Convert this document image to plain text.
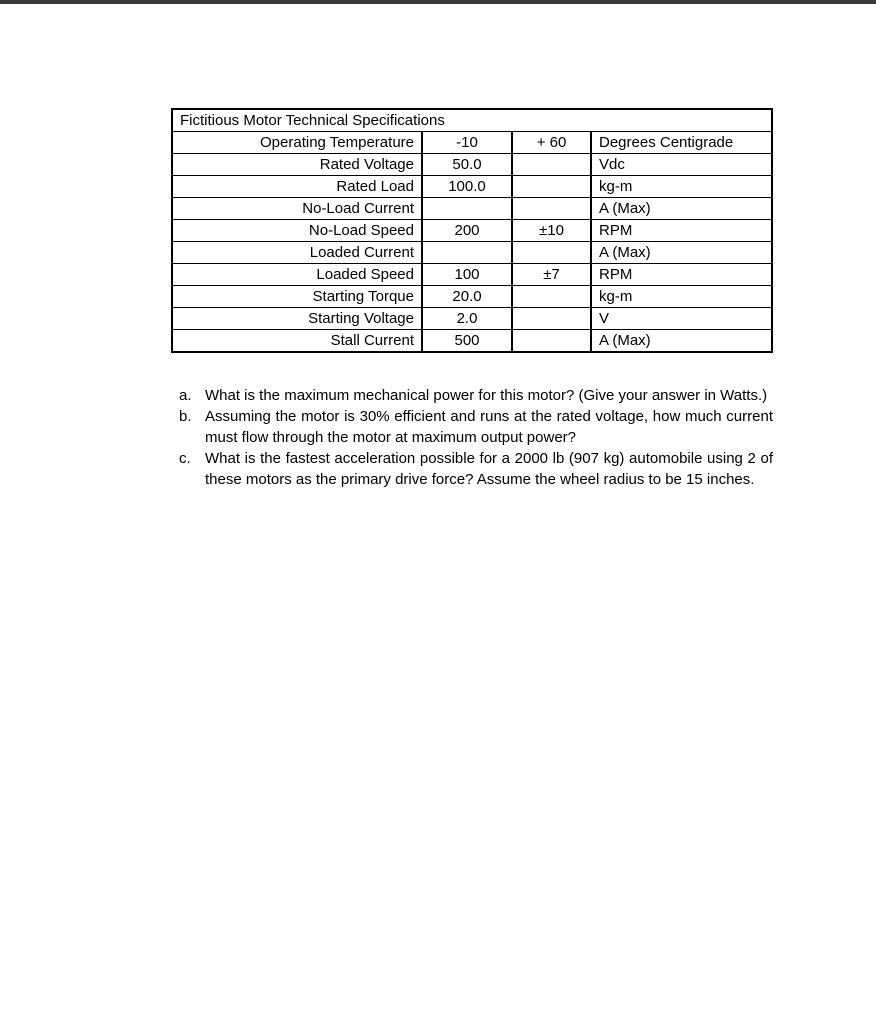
Fictitious Motor Technical Specifications			
Operating Temperature	-10	+ 60	Degrees Centigrade
Rated Voltage	50.0		Vdc
Rated Load	100.0		kg-m
No-Load Current			A (Max)
No-Load Speed	200	±10	RPM
Loaded Current			A (Max)
Loaded Speed	100	±7	RPM
Starting Torque	20.0		kg-m
Starting Voltage	2.0		V
Stall Current	500		A (Max)
a. What is the maximum mechanical power for this motor? (Give your answer in Watts.)
b. Assuming the motor is 30% efficient and runs at the rated voltage, how much current must flow through the motor at maximum output power?
c. What is the fastest acceleration possible for a 2000 lb (907 kg) automobile using 2 of these motors as the primary drive force? Assume the wheel radius to be 15 inches.
